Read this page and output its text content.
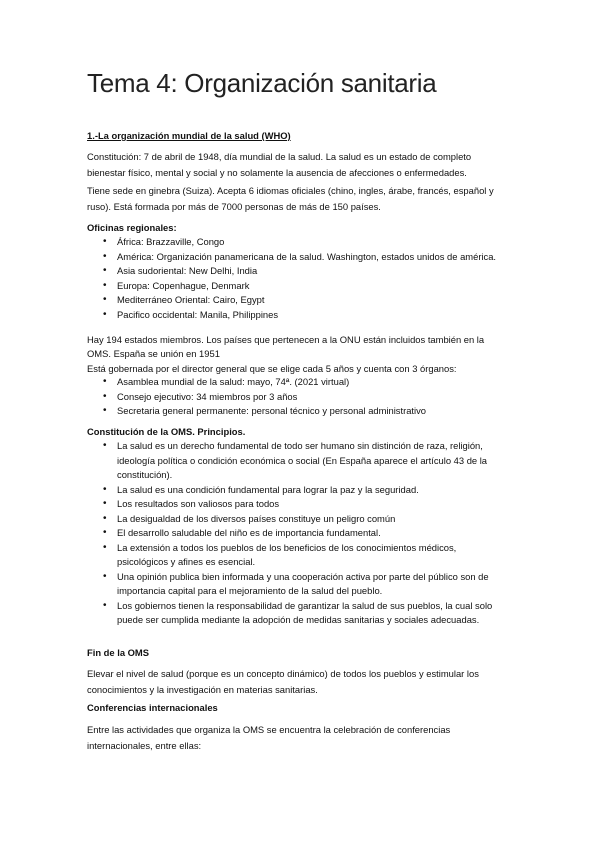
Tema 4: Organización sanitaria

1.-La organización mundial de la salud (WHO)

Constitución: 7 de abril de 1948, día mundial de la salud. La salud es un estado de completo bienestar físico, mental y social y no solamente la ausencia de afecciones o enfermedades.

Tiene sede en ginebra (Suiza). Acepta 6 idiomas oficiales (chino, ingles, árabe, francés, español y ruso). Está formada por más de 7000 personas de más de 150 países.

Oficinas regionales:

• África: Brazzaville, Congo
• América: Organización panamericana de la salud. Washington, estados unidos de américa.
• Asia sudoriental: New Delhi, India
• Europa: Copenhague, Denmark
• Mediterráneo Oriental: Cairo, Egypt
• Pacifico occidental: Manila, Philippines

Hay 194 estados miembros. Los países que pertenecen a la ONU están incluidos también en la OMS. España se unión en 1951

Está gobernada por el director general que se elige cada 5 años y cuenta con 3 órganos:

• Asamblea mundial de la salud: mayo, 74ª. (2021 virtual)
• Consejo ejecutivo: 34 miembros por 3 años
• Secretaria general permanente: personal técnico y personal administrativo

Constitución de la OMS. Principios.

• La salud es un derecho fundamental de todo ser humano sin distinción de raza, religión, ideología política o condición económica o social (En España aparece el artículo 43 de la constitución).
• La salud es una condición fundamental para lograr la paz y la seguridad.
• Los resultados son valiosos para todos
• La desigualdad de los diversos países constituye un peligro común
• El desarrollo saludable del niño es de importancia fundamental.
• La extensión a todos los pueblos de los beneficios de los conocimientos médicos, psicológicos y afines es esencial.
• Una opinión publica bien informada y una cooperación activa por parte del público son de importancia capital para el mejoramiento de la salud del pueblo.
• Los gobiernos tienen la responsabilidad de garantizar la salud de sus pueblos, la cual solo puede ser cumplida mediante la adopción de medidas sanitarias y sociales adecuadas.

Fin de la OMS

Elevar el nivel de salud (porque es un concepto dinámico) de todos los pueblos y estimular los conocimientos y la investigación en materias sanitarias.

Conferencias internacionales

Entre las actividades que organiza la OMS se encuentra la celebración de conferencias internacionales, entre ellas:
